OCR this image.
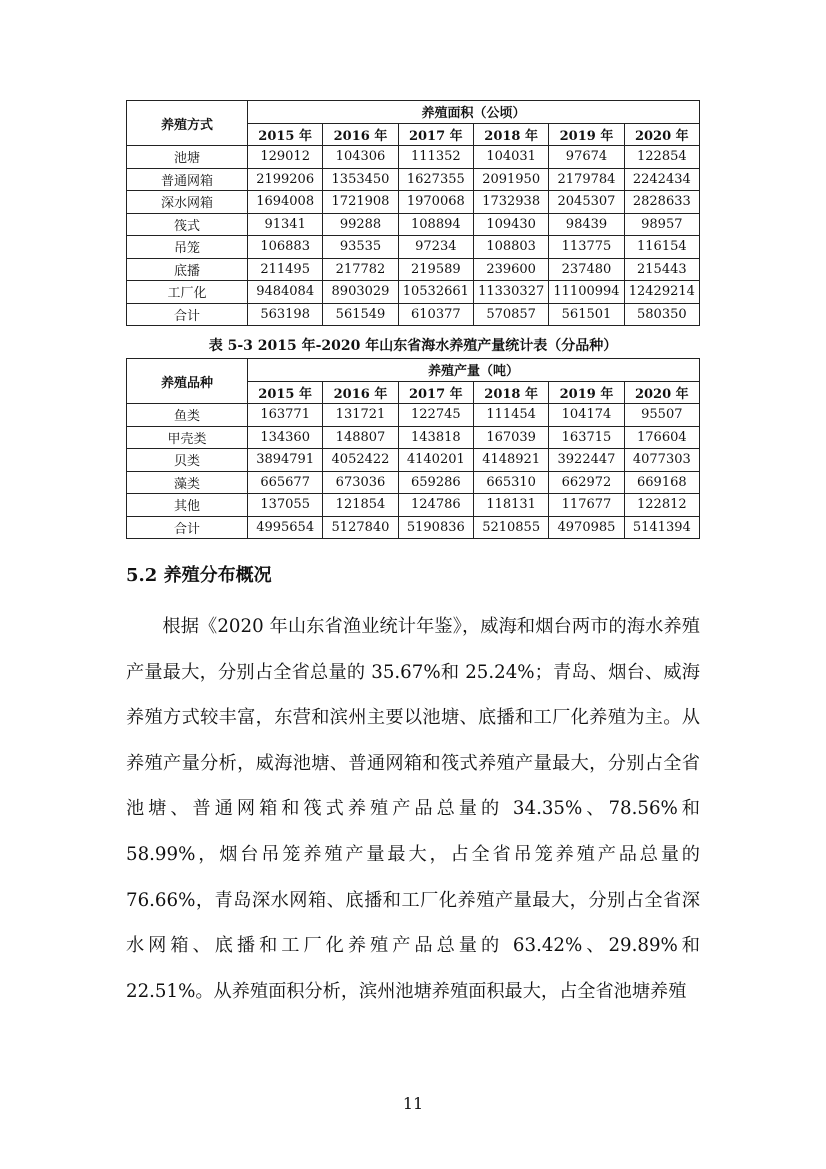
养殖方式	养殖面积（公顷）					
	2015 年	2016 年	2017 年	2018 年	2019 年	2020 年
池塘	129012	104306	111352	104031	97674	122854
普通网箱	2199206	1353450	1627355	2091950	2179784	2242434
深水网箱	1694008	1721908	1970068	1732938	2045307	2828633
筏式	91341	99288	108894	109430	98439	98957
吊笼	106883	93535	97234	108803	113775	116154
底播	211495	217782	219589	239600	237480	215443
工厂化	9484084	8903029	10532661	11330327	11100994	12429214
合计	563198	561549	610377	570857	561501	580350
表 5-3 2015 年-2020 年山东省海水养殖产量统计表（分品种）
养殖品种	养殖产量（吨）					
	2015 年	2016 年	2017 年	2018 年	2019 年	2020 年
鱼类	163771	131721	122745	111454	104174	95507
甲壳类	134360	148807	143818	167039	163715	176604
贝类	3894791	4052422	4140201	4148921	3922447	4077303
藻类	665677	673036	659286	665310	662972	669168
其他	137055	121854	124786	118131	117677	122812
合计	4995654	5127840	5190836	5210855	4970985	5141394
5.2 养殖分布概况

根据《2020 年山东省渔业统计年鉴》，威海和烟台两市的海水养殖产量最大，分别占全省总量的 35.67%和 25.24%；青岛、烟台、威海养殖方式较丰富，东营和滨州主要以池塘、底播和工厂化养殖为主。从养殖产量分析，威海池塘、普通网箱和筏式养殖产量最大，分别占全省池塘、普通网箱和筏式养殖产品总量的 34.35%、78.56%和 58.99%，烟台吊笼养殖产量最大，占全省吊笼养殖产品总量的 76.66%，青岛深水网箱、底播和工厂化养殖产量最大，分别占全省深水网箱、底播和工厂化养殖产品总量的 63.42%、29.89%和 22.51%。从养殖面积分析，滨州池塘养殖面积最大，占全省池塘养殖

11
